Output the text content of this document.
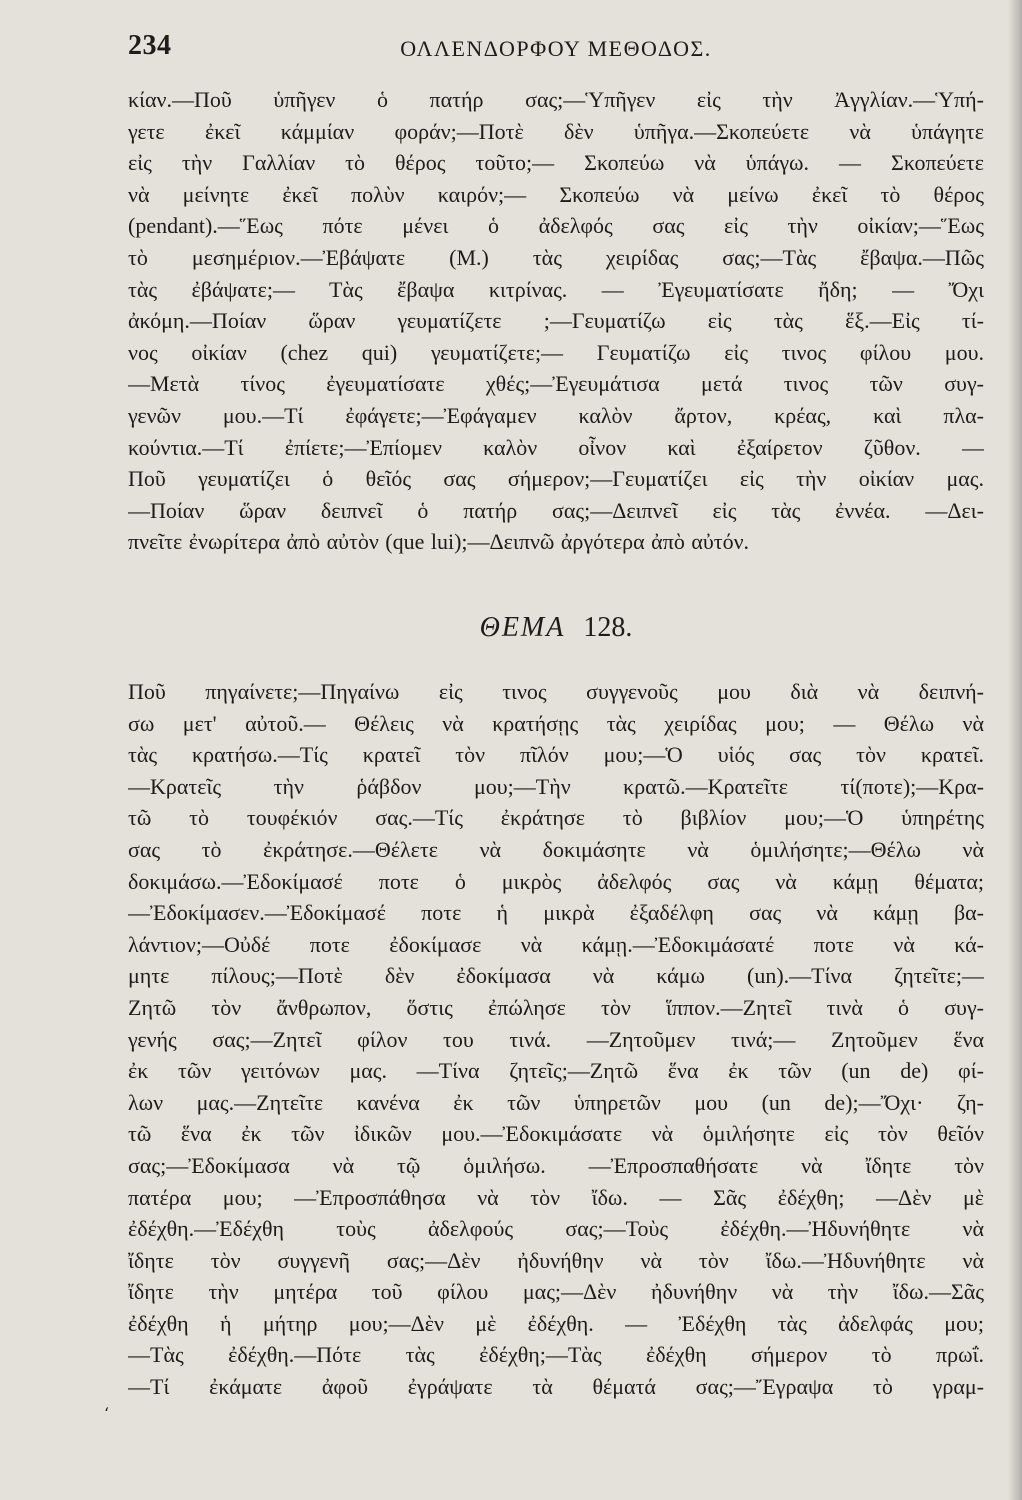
234	ΟΛΛΕΝΔΟΡΦΟΥ ΜΕΘΟΔΟΣ.
κίαν.—Ποῦ ὑπῆγεν ὁ πατήρ σας;—Ὑπῆγεν εἰς τὴν Ἀγγλίαν.—Ὑπή-
γετε ἐκεῖ κάμμίαν φοράν;—Ποτὲ δὲν ὑπῆγα.—Σκοπεύετε νὰ ὑπάγητε
εἰς τὴν Γαλλίαν τὸ θέρος τοῦτο;— Σκοπεύω νὰ ὑπάγω. — Σκοπεύετε
νὰ μείνητε ἐκεῖ πολὺν καιρόν;— Σκοπεύω νὰ μείνω ἐκεῖ τὸ θέρος
(pendant).—Ἕως πότε μένει ὁ ἀδελφός σας εἰς τὴν οἰκίαν;—Ἕως
τὸ μεσημέριον.—Ἐβάψατε (Μ.) τὰς χειρίδας σας;—Τὰς ἔβαψα.—Πῶς
τὰς ἐβάψατε;— Τὰς ἔβαψα κιτρίνας. — Ἐγευματίσατε ἤδη; — Ὄχι
ἀκόμη.—Ποίαν ὥραν γευματίζετε ;—Γευματίζω εἰς τὰς ἕξ.—Εἰς τί-
νος οἰκίαν (chez qui) γευματίζετε;— Γευματίζω εἰς τινος φίλου μου.
—Μετὰ τίνος ἐγευματίσατε χθές;—Ἐγευμάτισα μετά τινος τῶν συγ-
γενῶν μου.—Τί ἐφάγετε;—Ἐφάγαμεν καλὸν ἄρτον, κρέας, καὶ πλα-
κούντια.—Τί ἐπίετε;—Ἐπίομεν καλὸν οἶνον καὶ ἐξαίρετον ζῦθον. —
Ποῦ γευματίζει ὁ θεῖός σας σήμερον;—Γευματίζει εἰς τὴν οἰκίαν μας.
—Ποίαν ὥραν δειπνεῖ ὁ πατήρ σας;—Δειπνεῖ εἰς τὰς ἐννέα. —Δει-
πνεῖτε ἐνωρίτερα ἀπὸ αὐτὸν (que lui);—Δειπνῶ ἀργότερα ἀπὸ αὐτόν.
ΘΕΜΑ 128.
Ποῦ πηγαίνετε;—Πηγαίνω εἰς τινος συγγενοῦς μου διὰ νὰ δειπνή-
σω μετ' αὐτοῦ.— Θέλεις νὰ κρατήσῃς τὰς χειρίδας μου; — Θέλω νὰ
τὰς κρατήσω.—Τίς κρατεῖ τὸν πῖλόν μου;—Ὁ υἱός σας τὸν κρατεῖ.
—Κρατεῖς τὴν ῥάβδον μου;—Τὴν κρατῶ.—Κρατεῖτε τί(ποτε);—Κρα-
τῶ τὸ τουφέκιόν σας.—Τίς ἐκράτησε τὸ βιβλίον μου;—Ὁ ὑπηρέτης
σας τὸ ἐκράτησε.—Θέλετε νὰ δοκιμάσητε νὰ ὁμιλήσητε;—Θέλω νὰ
δοκιμάσω.—Ἐδοκίμασέ ποτε ὁ μικρὸς ἀδελφός σας νὰ κάμῃ θέματα;
—Ἐδοκίμασεν.—Ἐδοκίμασέ ποτε ἡ μικρὰ ἐξαδέλφη σας νὰ κάμῃ βα-
λάντιον;—Οὐδέ ποτε ἐδοκίμασε νὰ κάμῃ.—Ἐδοκιμάσατέ ποτε νὰ κά-
μητε πίλους;—Ποτὲ δὲν ἐδοκίμασα νὰ κάμω (un).—Τίνα ζητεῖτε;—
Ζητῶ τὸν ἄνθρωπον, ὅστις ἐπώλησε τὸν ἵππον.—Ζητεῖ τινὰ ὁ συγ-
γενής σας;—Ζητεῖ φίλον του τινά. —Ζητοῦμεν τινά;— Ζητοῦμεν ἕνα
ἐκ τῶν γειτόνων μας. —Τίνα ζητεῖς;—Ζητῶ ἕνα ἐκ τῶν (un de) φί-
λων μας.—Ζητεῖτε κανένα ἐκ τῶν ὑπηρετῶν μου (un de);—Ὄχι· ζη-
τῶ ἕνα ἐκ τῶν ἰδικῶν μου.—Ἐδοκιμάσατε νὰ ὁμιλήσητε εἰς τὸν θεῖόν
σας;—Ἐδοκίμασα νὰ τῷ ὁμιλήσω. —Ἐπροσπαθήσατε νὰ ἴδητε τὸν
πατέρα μου; —Ἐπροσπάθησα νὰ τὸν ἴδω. — Σᾶς ἐδέχθη; —Δὲν μὲ
ἐδέχθη.—Ἐδέχθη τοὺς ἀδελφούς σας;—Τοὺς ἐδέχθη.—Ἠδυνήθητε νὰ
ἴδητε τὸν συγγενῆ σας;—Δὲν ἠδυνήθην νὰ τὸν ἴδω.—Ἠδυνήθητε νὰ
ἴδητε τὴν μητέρα τοῦ φίλου μας;—Δὲν ἠδυνήθην νὰ τὴν ἴδω.—Σᾶς
ἐδέχθη ἡ μήτηρ μου;—Δὲν μὲ ἐδέχθη. — Ἐδέχθη τὰς ἀδελφάς μου;
—Τὰς ἐδέχθη.—Πότε τὰς ἐδέχθη;—Τὰς ἐδέχθη σήμερον τὸ πρωΐ.
—Τί ἐκάματε ἀφοῦ ἐγράψατε τὰ θέματά σας;—Ἔγραψα τὸ γραμ-
ʻ
